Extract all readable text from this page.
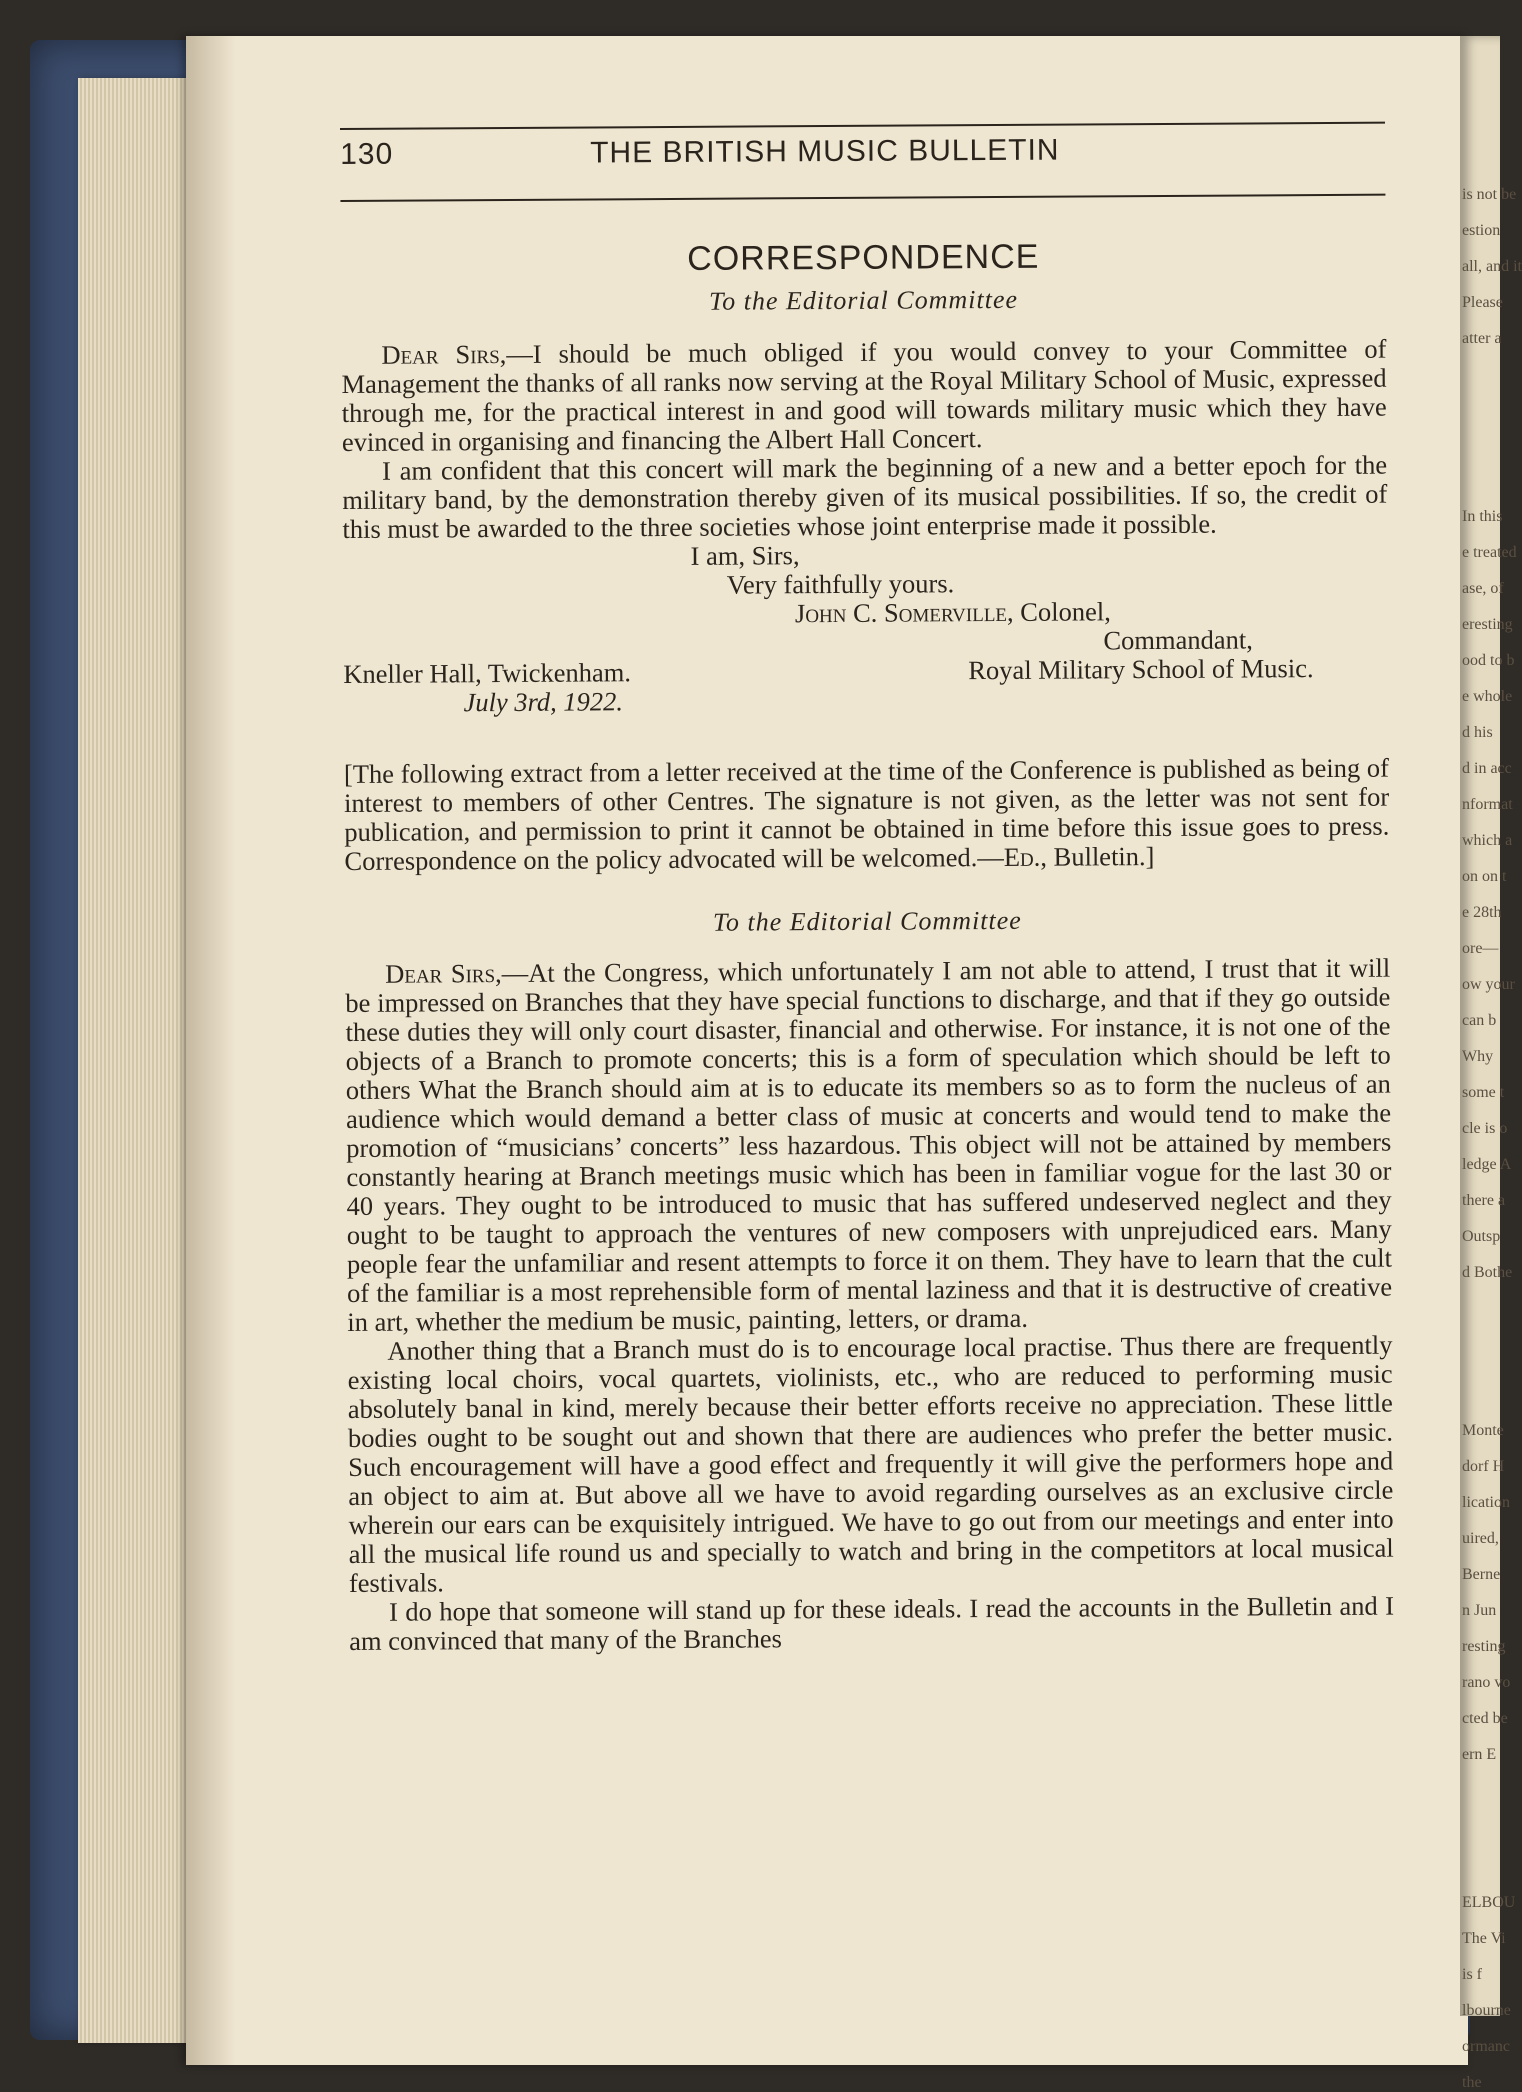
is not be
estion
all, and it
Please
atter a
In this
e treated
ase, of
eresting
ood to b
e whole
d his
d in acc
nformat
which a
on on t
e 28th
ore—
ow your
can b
Why
some t
cle is o
ledge A
there a
Outsp
d Bothe
Monte
dorf H
lication
uired,
Berne
n Jun
resting
rano vo
cted be
ern E
ELBOU
The Vi
is f
lbourne
ormanc
the
130	THE BRITISH MUSIC BULLETIN
CORRESPONDENCE
To the Editorial Committee

Dear Sirs,—I should be much obliged if you would convey to your Committee of Management the thanks of all ranks now serving at the Royal Military School of Music, expressed through me, for the practical interest in and good will towards military music which they have evinced in organising and financing the Albert Hall Concert.

I am confident that this concert will mark the beginning of a new and a better epoch for the military band, by the demonstration thereby given of its musical possibilities. If so, the credit of this must be awarded to the three societies whose joint enterprise made it possible.

I am, Sirs,
Very faithfully yours.
John C. Somerville, Colonel,
Kneller Hall, Twickenham.
July 3rd, 1922.
Commandant,
Royal Military School of Music.

[The following extract from a letter received at the time of the Conference is published as being of interest to members of other Centres. The signature is not given, as the letter was not sent for publication, and permission to print it cannot be obtained in time before this issue goes to press. Correspondence on the policy advocated will be welcomed.—Ed., Bulletin.]

To the Editorial Committee

Dear Sirs,—At the Congress, which unfortunately I am not able to attend, I trust that it will be impressed on Branches that they have special functions to discharge, and that if they go outside these duties they will only court disaster, financial and otherwise. For instance, it is not one of the objects of a Branch to promote concerts; this is a form of speculation which should be left to others What the Branch should aim at is to educate its members so as to form the nucleus of an audience which would demand a better class of music at concerts and would tend to make the promotion of “musicians’ concerts” less hazardous. This object will not be attained by members constantly hearing at Branch meetings music which has been in familiar vogue for the last 30 or 40 years. They ought to be introduced to music that has suffered undeserved neglect and they ought to be taught to approach the ventures of new composers with unprejudiced ears. Many people fear the unfamiliar and resent attempts to force it on them. They have to learn that the cult of the familiar is a most reprehensible form of mental laziness and that it is destructive of creative in art, whether the medium be music, painting, letters, or drama.

Another thing that a Branch must do is to encourage local practise. Thus there are frequently existing local choirs, vocal quartets, violinists, etc., who are reduced to performing music absolutely banal in kind, merely because their better efforts receive no appreciation. These little bodies ought to be sought out and shown that there are audiences who prefer the better music. Such encouragement will have a good effect and frequently it will give the performers hope and an object to aim at. But above all we have to avoid regarding ourselves as an exclusive circle wherein our ears can be exquisitely intrigued. We have to go out from our meetings and enter into all the musical life round us and specially to watch and bring in the competitors at local musical festivals.

I do hope that someone will stand up for these ideals. I read the accounts in the Bulletin and I am convinced that many of the Branches
